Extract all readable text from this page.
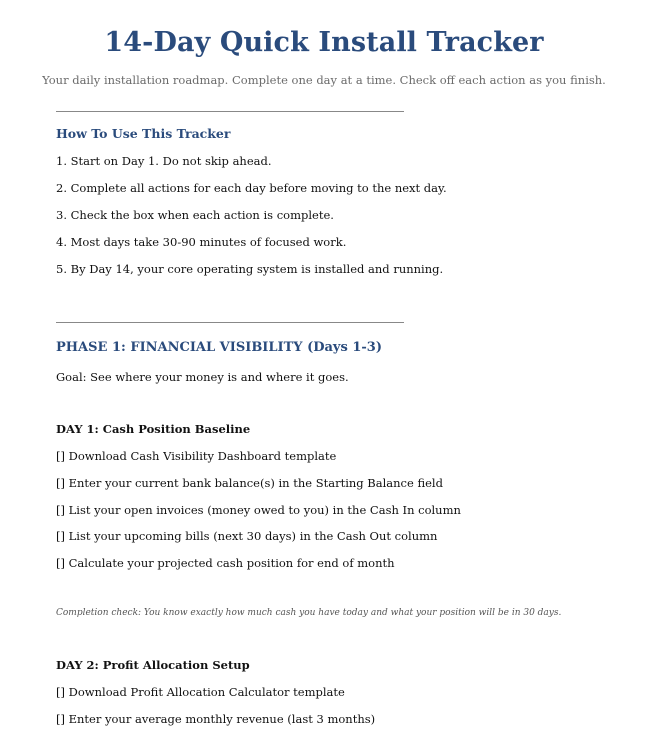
14-Day Quick Install Tracker
Your daily installation roadmap. Complete one day at a time. Check off each action as you finish.
How To Use This Tracker
1. Start on Day 1. Do not skip ahead.
2. Complete all actions for each day before moving to the next day.
3. Check the box when each action is complete.
4. Most days take 30-90 minutes of focused work.
5. By Day 14, your core operating system is installed and running.
PHASE 1: FINANCIAL VISIBILITY (Days 1-3)
Goal: See where your money is and where it goes.
DAY 1: Cash Position Baseline
[] Download Cash Visibility Dashboard template
[] Enter your current bank balance(s) in the Starting Balance field
[] List your open invoices (money owed to you) in the Cash In column
[] List your upcoming bills (next 30 days) in the Cash Out column
[] Calculate your projected cash position for end of month
Completion check: You know exactly how much cash you have today and what your position will be in 30 days.
DAY 2: Profit Allocation Setup
[] Download Profit Allocation Calculator template
[] Enter your average monthly revenue (last 3 months)
